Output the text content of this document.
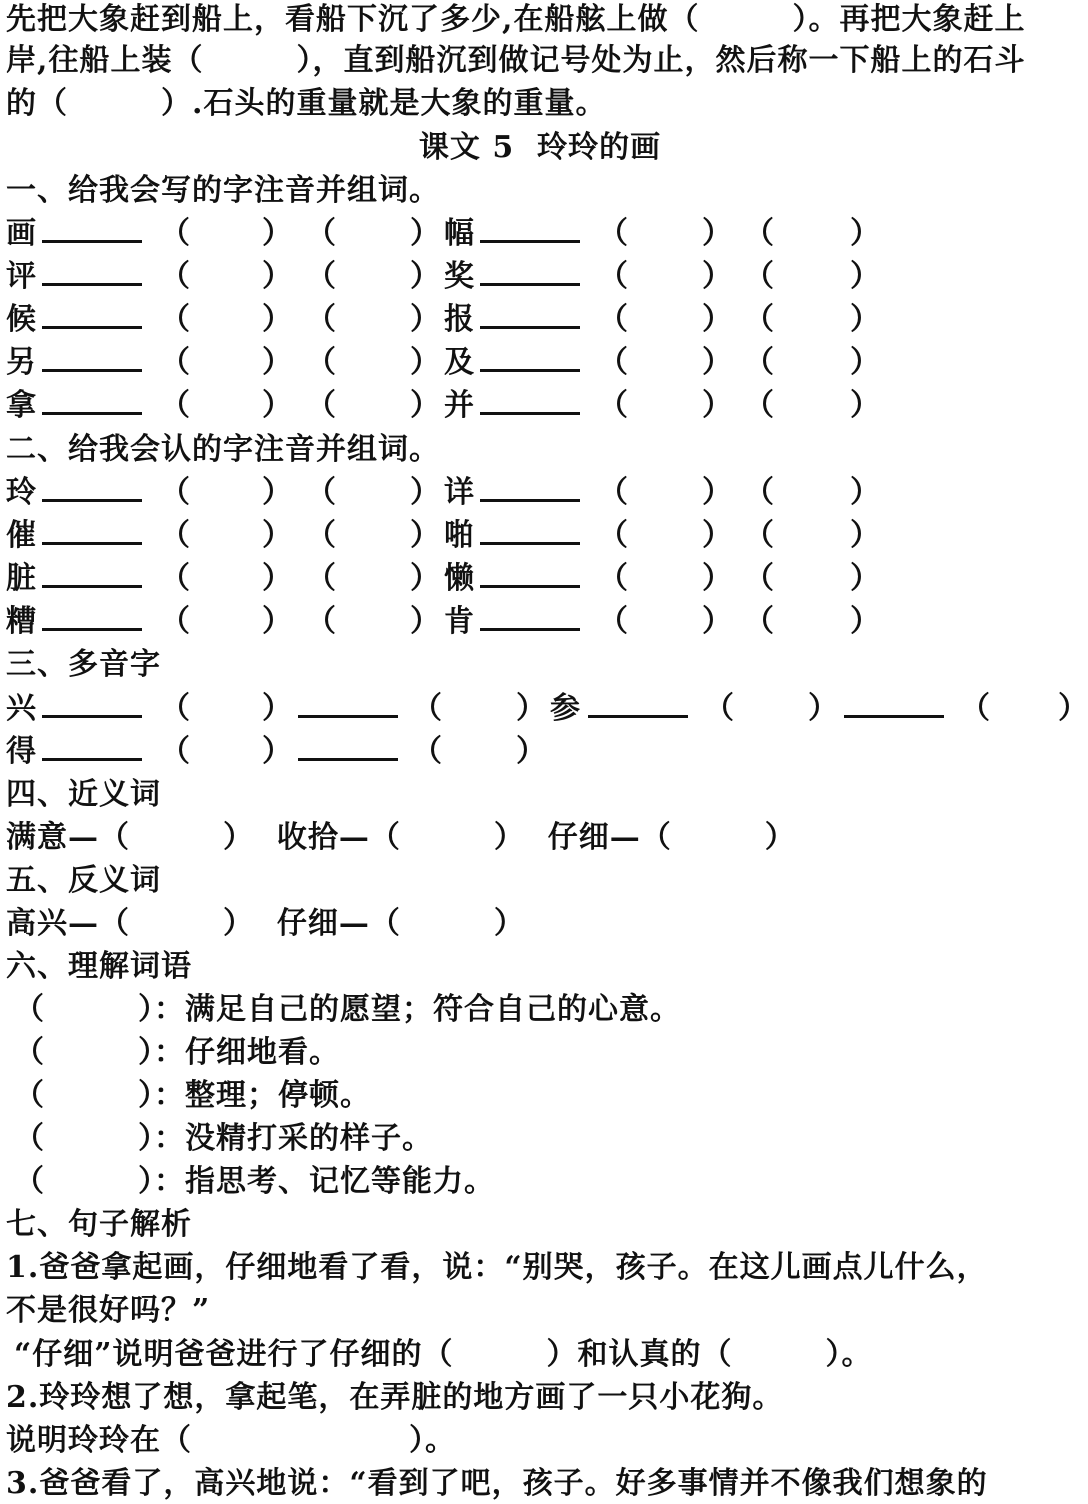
先把大象赶到船上，看船下沉了多少,在船舷上做（　　　）。再把大象赶上
岸,往船上装（　　　），直到船沉到做记号处为止，然后称一下船上的石斗
的（　　　）.石头的重量就是大象的重量。
课文 5  玲玲的画
一、给我会写的字注音并组词。
画	（ ） （ ） 幅	（ ） （	）
评	（ ） （ ） 奖	（ ） （	）
候	（ ） （ ） 报	（ ） （	）
另	（ ） （ ） 及	（ ） （	）
拿	（ ） （ ） 并	（ ） （	）
二、给我会认的字注音并组词。
玲	（ ） （ ） 详	（ ） （	）
催	（ ） （ ） 啪	（ ） （	）
脏	（ ） （ ） 懒	（ ） （	）
糟	（ ） （ ） 肯	（ ） （	）
三、多音字
兴	（ ）	（ ） 参	（ ）	（ ）
得	（ ）	（ ）
四、近义词
满意—（　　　）  收拾—（　　　）  仔细—（　　　）
五、反义词
高兴—（　　　）  仔细—（　　　）
六、理解词语
（　　　）：满足自己的愿望；符合自己的心意。
（　　　）：仔细地看。
（　　　）：整理；停顿。
（　　　）：没精打采的样子。
（　　　）：指思考、记忆等能力。
七、句子解析
1.爸爸拿起画，仔细地看了看，说：“别哭，孩子。在这儿画点儿什么，
不是很好吗？”
“仔细”说明爸爸进行了仔细的（　　　）和认真的（　　　）。
2.玲玲想了想，拿起笔，在弄脏的地方画了一只小花狗。
说明玲玲在（　　　　　　　）。
3.爸爸看了，高兴地说：“看到了吧，孩子。好多事情并不像我们想象的
